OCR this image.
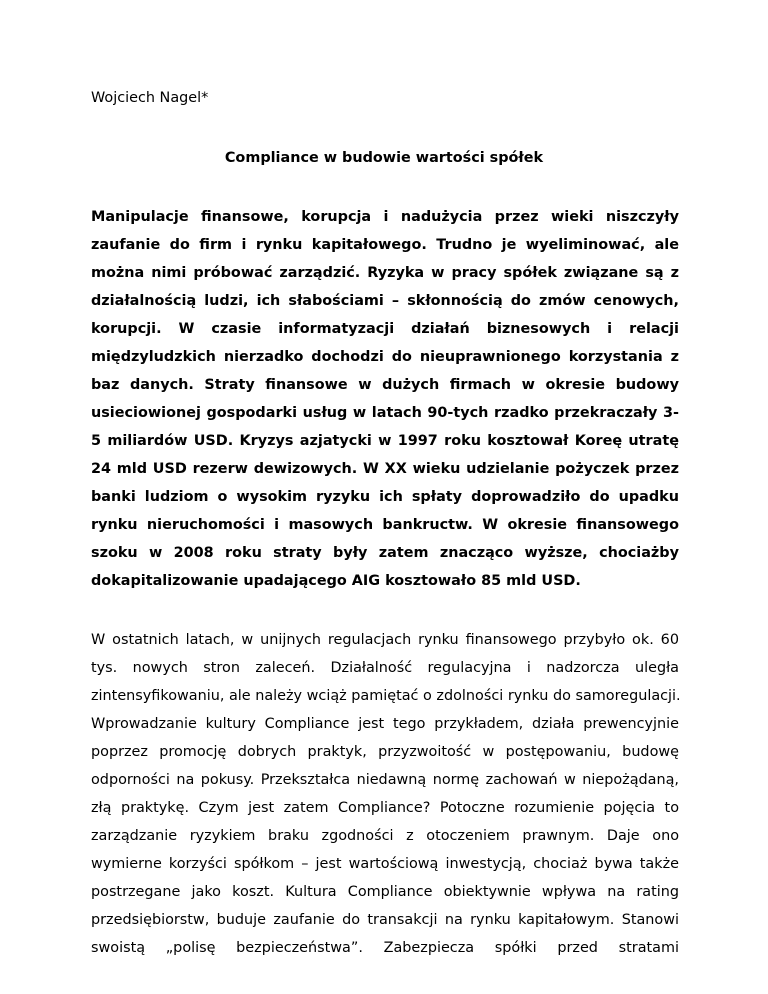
Wojciech Nagel*
Compliance w budowie wartości spółek
Manipulacje finansowe, korupcja i nadużycia przez wieki niszczyły
zaufanie do firm i rynku kapitałowego. Trudno je wyeliminować, ale
można nimi próbować zarządzić. Ryzyka w pracy spółek związane są z
działalnością ludzi, ich słabościami – skłonnością do zmów cenowych,
korupcji. W czasie informatyzacji działań biznesowych i relacji
międzyludzkich nierzadko dochodzi do nieuprawnionego korzystania z
baz danych. Straty finansowe w dużych firmach w okresie budowy
usieciowionej gospodarki usług w latach 90-tych rzadko przekraczały 3-
5 miliardów USD. Kryzys azjatycki w 1997 roku kosztował Koreę utratę
24 mld USD rezerw dewizowych. W XX wieku udzielanie pożyczek przez
banki ludziom o wysokim ryzyku ich spłaty doprowadziło do upadku
rynku nieruchomości i masowych bankructw. W okresie finansowego
szoku w 2008 roku straty były zatem znacząco wyższe, chociażby
dokapitalizowanie upadającego AIG kosztowało 85 mld USD.
W ostatnich latach, w unijnych regulacjach rynku finansowego przybyło ok. 60
tys. nowych stron zaleceń. Działalność regulacyjna i nadzorcza uległa
zintensyfikowaniu, ale należy wciąż pamiętać o zdolności rynku do samoregulacji.
Wprowadzanie kultury Compliance jest tego przykładem, działa prewencyjnie
poprzez promocję dobrych praktyk, przyzwoitość w postępowaniu, budowę
odporności na pokusy. Przekształca niedawną normę zachowań w niepożądaną,
złą praktykę. Czym jest zatem Compliance? Potoczne rozumienie pojęcia to
zarządzanie ryzykiem braku zgodności z otoczeniem prawnym. Daje ono
wymierne korzyści spółkom – jest wartościową inwestycją, chociaż bywa także
postrzegane jako koszt. Kultura Compliance obiektywnie wpływa na rating
przedsiębiorstw, buduje zaufanie do transakcji na rynku kapitałowym. Stanowi
swoistą „polisę bezpieczeństwa”. Zabezpiecza spółki przed stratami
